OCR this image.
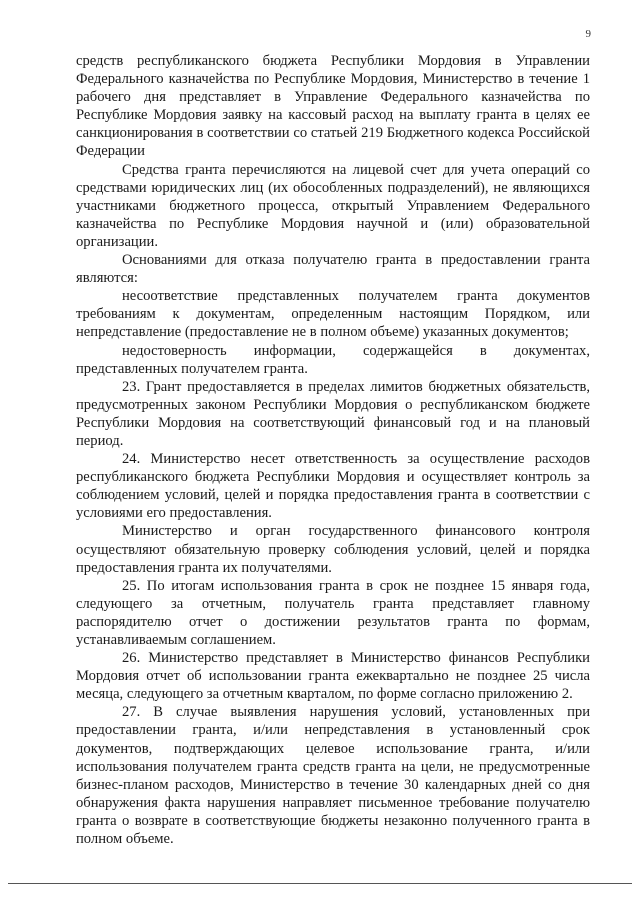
9

средств республиканского бюджета Республики Мордовия в Управлении Федерального казначейства по Республике Мордовия, Министерство в течение 1 рабочего дня представляет в Управление Федерального казначейства по Республике Мордовия заявку на кассовый расход на выплату гранта в целях ее санкционирования в соответствии со статьей 219 Бюджетного кодекса Российской Федерации

Средства гранта перечисляются на лицевой счет для учета операций со средствами юридических лиц (их обособленных подразделений), не являющихся участниками бюджетного процесса, открытый Управлением Федерального казначейства по Республике Мордовия научной и (или) образовательной организации.

Основаниями для отказа получателю гранта в предоставлении гранта являются:

несоответствие представленных получателем гранта документов требованиям к документам, определенным настоящим Порядком, или непредставление (предоставление не в полном объеме) указанных документов;

недостоверность информации, содержащейся в документах, представленных получателем гранта.

23. Грант предоставляется в пределах лимитов бюджетных обязательств, предусмотренных законом Республики Мордовия о республиканском бюджете Республики Мордовия на соответствующий финансовый год и на плановый период.

24. Министерство несет ответственность за осуществление расходов республиканского бюджета Республики Мордовия и осуществляет контроль за соблюдением условий, целей и порядка предоставления гранта в соответствии с условиями его предоставления.

Министерство и орган государственного финансового контроля осуществляют обязательную проверку соблюдения условий, целей и порядка предоставления гранта их получателями.

25. По итогам использования гранта в срок не позднее 15 января года, следующего за отчетным, получатель гранта представляет главному распорядителю отчет о достижении результатов гранта по формам, устанавливаемым соглашением.

26. Министерство представляет в Министерство финансов Республики Мордовия отчет об использовании гранта ежеквартально не позднее 25 числа месяца, следующего за отчетным кварталом, по форме согласно приложению 2.

27. В случае выявления нарушения условий, установленных при предоставлении гранта, и/или непредставления в установленный срок документов, подтверждающих целевое использование гранта, и/или использования получателем гранта средств гранта на цели, не предусмотренные бизнес-планом расходов, Министерство в течение 30 календарных дней со дня обнаружения факта нарушения направляет письменное требование получателю гранта о возврате в соответствующие бюджеты незаконно полученного гранта в полном объеме.
